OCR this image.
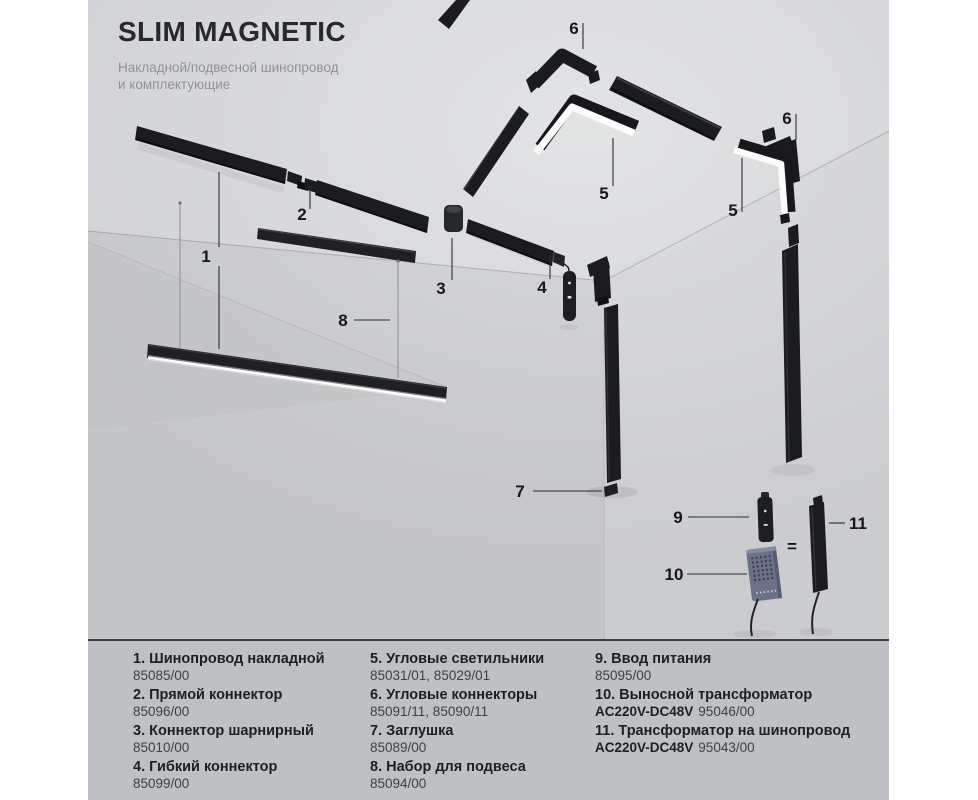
SLIM MAGNETIC
Накладной/подвесной шинопровод
и комплектующие
=
1
2
3	4
5
6
5
6
7
8
9
10
11
1. Шинопровод накладной
85085/00
2. Прямой коннектор
85096/00
3. Коннектор шарнирный
85010/00
4. Гибкий коннектор
85099/00
5. Угловые светильники
85031/01, 85029/01
6. Угловые коннекторы
85091/11, 85090/11
7. Заглушка
85089/00
8. Набор для подвеса
85094/00
9. Ввод питания
85095/00
10. Выносной трансформатор
AC220V-DC48V 95046/00
11. Трансформатор на шинопровод
AC220V-DC48V 95043/00
